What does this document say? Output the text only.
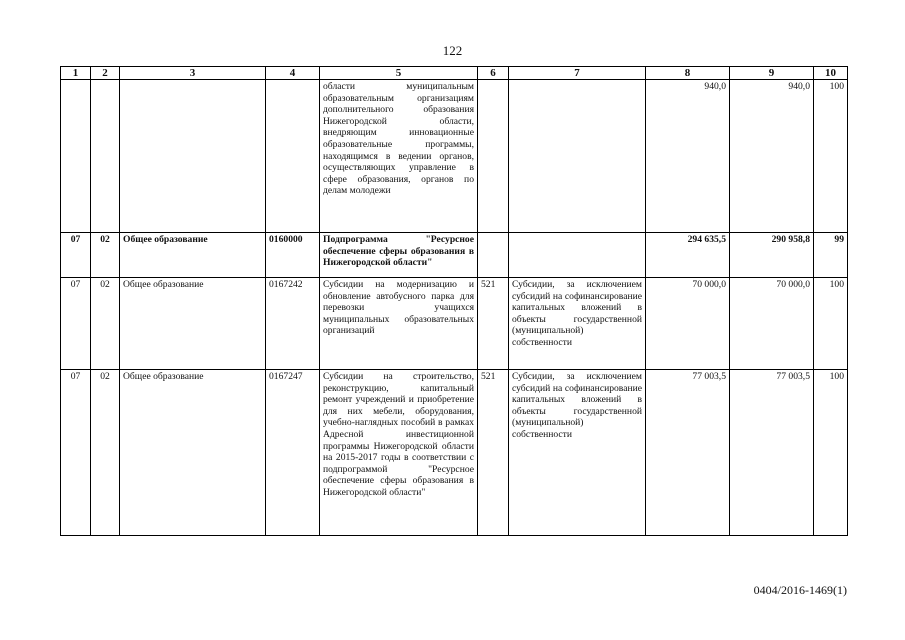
122
1	2	3	4	5	6	7	8	9	10
				области муниципальным образовательным организациям дополнительного образования Нижегородской области, внедряющим инновационные образовательные программы, находящимся в ведении органов, осуществляющих управление в сфере образования, органов по делам молодежи			940,0	940,0	100
07	02	Общее образование	0160000	Подпрограмма "Ресурсное обеспечение сферы образования в Нижегородской области"			294 635,5	290 958,8	99
07	02	Общее образование	0167242	Субсидии на модернизацию и обновление автобусного парка для перевозки учащихся муниципальных образовательных организаций	521	Субсидии, за исключением субсидий на софинансирование капитальных вложений в объекты государственной (муниципальной) собственности	70 000,0	70 000,0	100
07	02	Общее образование	0167247	Субсидии на строительство, реконструкцию, капитальный ремонт учреждений и приобретение для них мебели, оборудования, учебно-наглядных пособий в рамках Адресной инвестиционной программы Нижегородской области на 2015-2017 годы в соответствии с подпрограммой "Ресурсное обеспечение сферы образования в Нижегородской области"	521	Субсидии, за исключением субсидий на софинансирование капитальных вложений в объекты государственной (муниципальной) собственности	77 003,5	77 003,5	100
0404/2016-1469(1)
